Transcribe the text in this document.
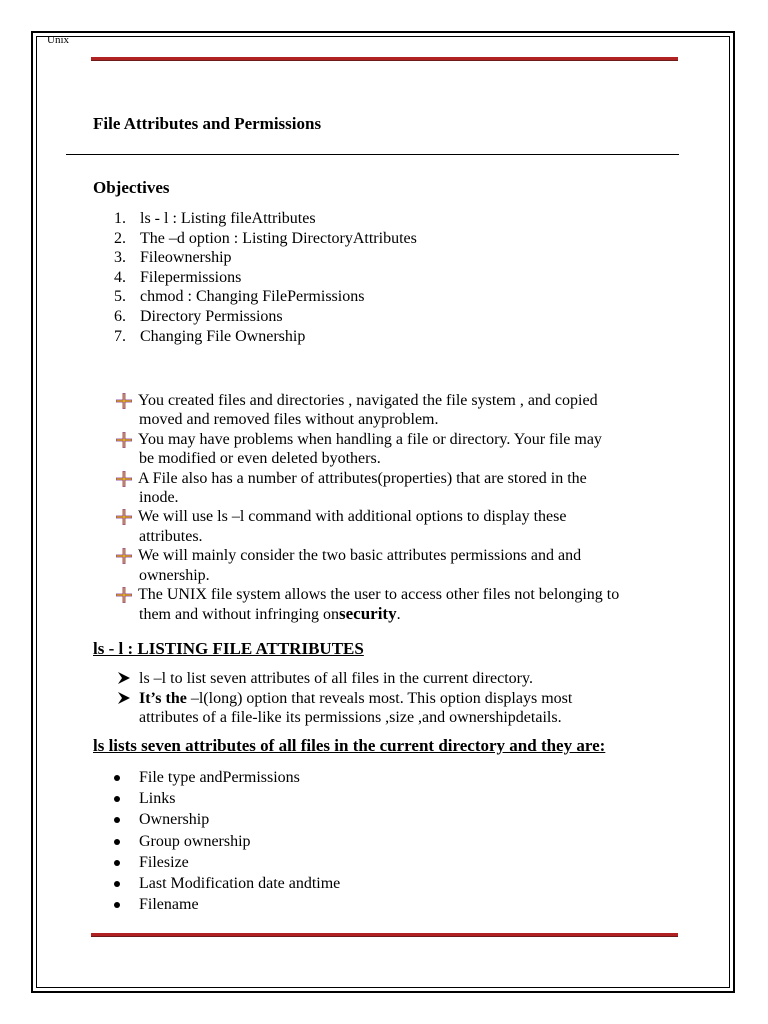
Unix
File Attributes and Permissions
Objectives
1. ls - l : Listing fileAttributes
2. The –d option : Listing DirectoryAttributes
3. Fileownership
4. Filepermissions
5. chmod : Changing FilePermissions
6. Directory Permissions
7. Changing File Ownership
You created files and directories , navigated the file system , and copied
moved and removed files without anyproblem.
You may have problems when handling a file or directory. Your file may
be modified or even deleted byothers.
A File also has a number of attributes(properties) that are stored in the
inode.
We will use ls –l command with additional options to display these
attributes.
We will mainly consider the two basic attributes permissions and and
ownership.
The UNIX file system allows the user to access other files not belonging to
them and without infringing onsecurity.
ls - l : LISTING FILE ATTRIBUTES
ls –l to list seven attributes of all files in the current directory.
It’s the –l(long) option that reveals most. This option displays most
attributes of a file-like its permissions ,size ,and ownershipdetails.
ls lists seven attributes of all files in the current directory and they are:
File type andPermissions
Links
Ownership
Group ownership
Filesize
Last Modification date andtime
Filename
